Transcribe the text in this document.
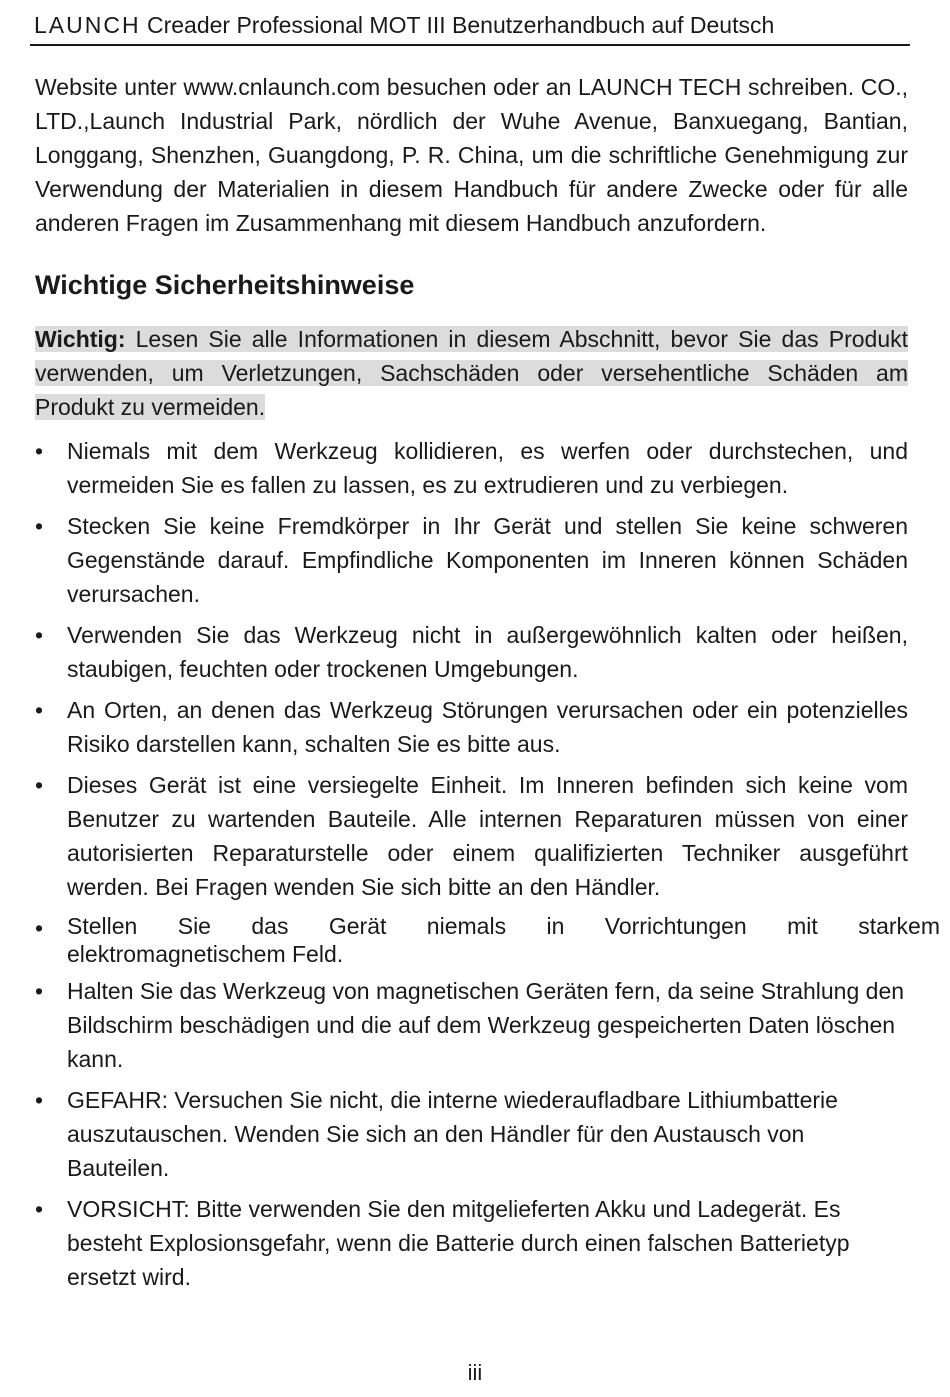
LAUNCH Creader Professional MOT III Benutzerhandbuch auf Deutsch

Website unter www.cnlaunch.com besuchen oder an LAUNCH TECH schreiben. CO., LTD.,Launch Industrial Park, nördlich der Wuhe Avenue, Banxuegang, Bantian, Longgang, Shenzhen, Guangdong, P. R. China, um die schriftliche Genehmigung zur Verwendung der Materialien in diesem Handbuch für andere Zwecke oder für alle anderen Fragen im Zusammenhang mit diesem Handbuch anzufordern.

Wichtige Sicherheitshinweise

Wichtig: Lesen Sie alle Informationen in diesem Abschnitt, bevor Sie das Produkt verwenden, um Verletzungen, Sachschäden oder versehentliche Schäden am Produkt zu vermeiden.

•	Niemals mit dem Werkzeug kollidieren, es werfen oder durchstechen, und vermeiden Sie es fallen zu lassen, es zu extrudieren und zu verbiegen.
•	Stecken Sie keine Fremdkörper in Ihr Gerät und stellen Sie keine schweren Gegenstände darauf. Empfindliche Komponenten im Inneren können Schäden verursachen.
•	Verwenden Sie das Werkzeug nicht in außergewöhnlich kalten oder heißen, staubigen, feuchten oder trockenen Umgebungen.
•	An Orten, an denen das Werkzeug Störungen verursachen oder ein potenzielles Risiko darstellen kann, schalten Sie es bitte aus.
•	Dieses Gerät ist eine versiegelte Einheit. Im Inneren befinden sich keine vom Benutzer zu wartenden Bauteile. Alle internen Reparaturen müssen von einer autorisierten Reparaturstelle oder einem qualifizierten Techniker ausgeführt werden. Bei Fragen wenden Sie sich bitte an den Händler.
•	Stellen Sie das Gerät niemals in Vorrichtungen mit starkem
elektromagnetischem Feld.
•	Halten Sie das Werkzeug von magnetischen Geräten fern, da seine Strahlung den Bildschirm beschädigen und die auf dem Werkzeug gespeicherten Daten löschen kann.
•	GEFAHR: Versuchen Sie nicht, die interne wiederaufladbare Lithiumbatterie auszutauschen. Wenden Sie sich an den Händler für den Austausch von Bauteilen.
•	VORSICHT: Bitte verwenden Sie den mitgelieferten Akku und Ladegerät. Es besteht Explosionsgefahr, wenn die Batterie durch einen falschen Batterietyp ersetzt wird.
iii
